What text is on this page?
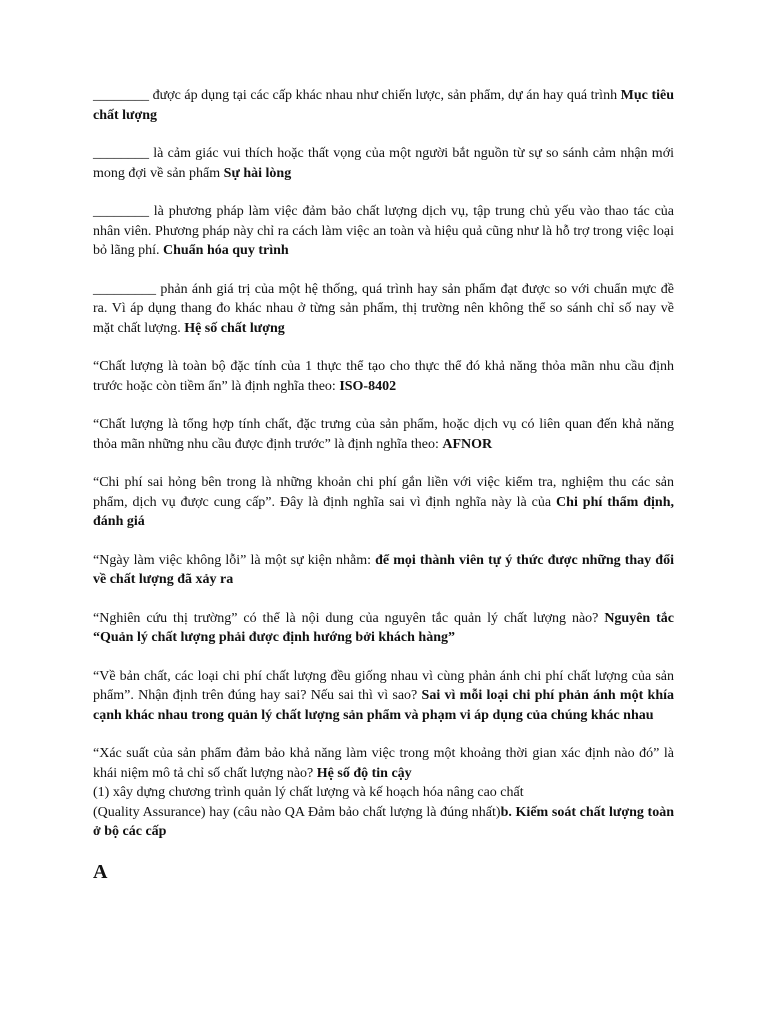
________ được áp dụng tại các cấp khác nhau như chiến lược, sản phẩm, dự án hay quá trình Mục tiêu chất lượng

________ là cảm giác vui thích hoặc thất vọng của một người bắt nguồn từ sự so sánh cảm nhận mới mong đợi về sản phẩm Sự hài lòng

________ là phương pháp làm việc đảm bảo chất lượng dịch vụ, tập trung chủ yếu vào thao tác của nhân viên. Phương pháp này chỉ ra cách làm việc an toàn và hiệu quả cũng như là hỗ trợ trong việc loại bỏ lãng phí. Chuẩn hóa quy trình

_________ phản ánh giá trị của một hệ thống, quá trình hay sản phẩm đạt được so với chuẩn mực đề ra. Vì áp dụng thang đo khác nhau ở từng sản phẩm, thị trường nên không thể so sánh chỉ số nay về mặt chất lượng. Hệ số chất lượng

“Chất lượng là toàn bộ đặc tính của 1 thực thể tạo cho thực thể đó khả năng thỏa mãn nhu cầu định trước hoặc còn tiềm ẩn” là định nghĩa theo: ISO-8402

“Chất lượng là tổng hợp tính chất, đặc trưng của sản phẩm, hoặc dịch vụ có liên quan đến khả năng thỏa mãn những nhu cầu được định trước” là định nghĩa theo: AFNOR

“Chi phí sai hỏng bên trong là những khoản chi phí gắn liền với việc kiểm tra, nghiệm thu các sản phẩm, dịch vụ được cung cấp”. Đây là định nghĩa sai vì định nghĩa này là của Chi phí thẩm định, đánh giá

“Ngày làm việc không lỗi” là một sự kiện nhằm: để mọi thành viên tự ý thức được những thay đổi về chất lượng đã xảy ra

“Nghiên cứu thị trường” có thể là nội dung của nguyên tắc quản lý chất lượng nào? Nguyên tắc “Quản lý chất lượng phải được định hướng bởi khách hàng”

“Về bản chất, các loại chi phí chất lượng đều giống nhau vì cùng phản ánh chi phí chất lượng của sản phẩm”. Nhận định trên đúng hay sai? Nếu sai thì vì sao? Sai vì mỗi loại chi phí phản ánh một khía cạnh khác nhau trong quản lý chất lượng sản phẩm và phạm vi áp dụng của chúng khác nhau

“Xác suất của sản phẩm đảm bảo khả năng làm việc trong một khoảng thời gian xác định nào đó” là khái niệm mô tả chỉ số chất lượng nào? Hệ số độ tin cậy

(1) xây dựng chương trình quản lý chất lượng và kế hoạch hóa nâng cao chất

(Quality Assurance) hay (câu nào QA Đảm bảo chất lượng là đúng nhất)b. Kiếm soát chất lượng toàn ở bộ các cấp

A
